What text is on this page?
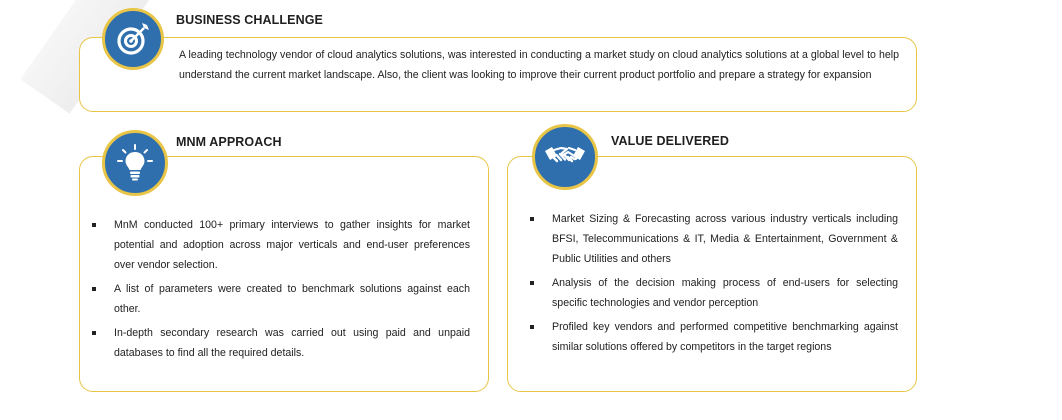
BUSINESS CHALLENGE
A leading technology vendor of cloud analytics solutions, was interested in conducting a market study on cloud analytics solutions at a global level to help understand the current market landscape. Also, the client was looking to improve their current product portfolio and prepare a strategy for expansion
MNM APPROACH
MnM conducted 100+ primary interviews to gather insights for market potential and adoption across major verticals and end-user preferences over vendor selection.
A list of parameters were created to benchmark solutions against each other.
In-depth secondary research was carried out using paid and unpaid databases to find all the required details.
VALUE DELIVERED
Market Sizing & Forecasting across various industry verticals including BFSI, Telecommunications & IT, Media & Entertainment, Government & Public Utilities and others
Analysis of the decision making process of end-users for selecting specific technologies and vendor perception
Profiled key vendors and performed competitive benchmarking against similar solutions offered by competitors in the target regions
